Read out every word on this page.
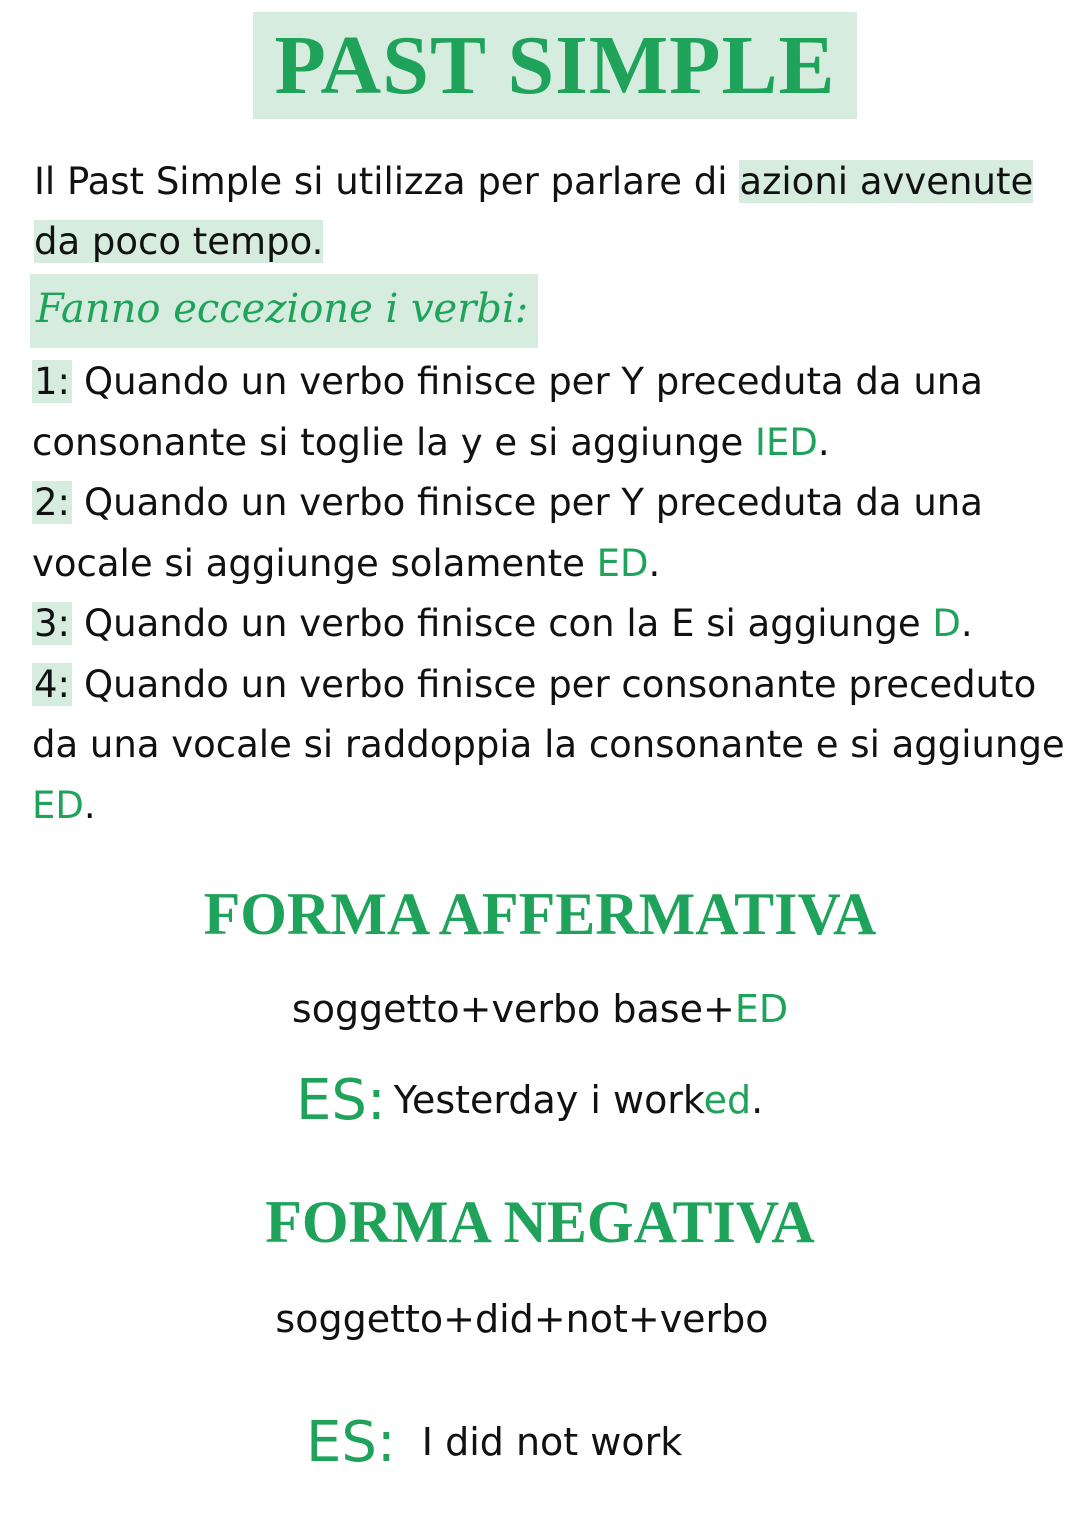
PAST SIMPLE

Il Past Simple si utilizza per parlare di azioni avvenute da poco tempo.

Fanno eccezione i verbi:

1: Quando un verbo finisce per Y preceduta da una consonante si toglie la y e si aggiunge IED.

2: Quando un verbo finisce per Y preceduta da una vocale si aggiunge solamente ED.

3: Quando un verbo finisce con la E si aggiunge D.

4: Quando un verbo finisce per consonante preceduto da una vocale si raddoppia la consonante e si aggiunge ED.

FORMA AFFERMATIVA
soggetto+verbo base+ED
ES: Yesterday i worked.
FORMA NEGATIVA
soggetto+did+not+verbo
ES: I did not work
